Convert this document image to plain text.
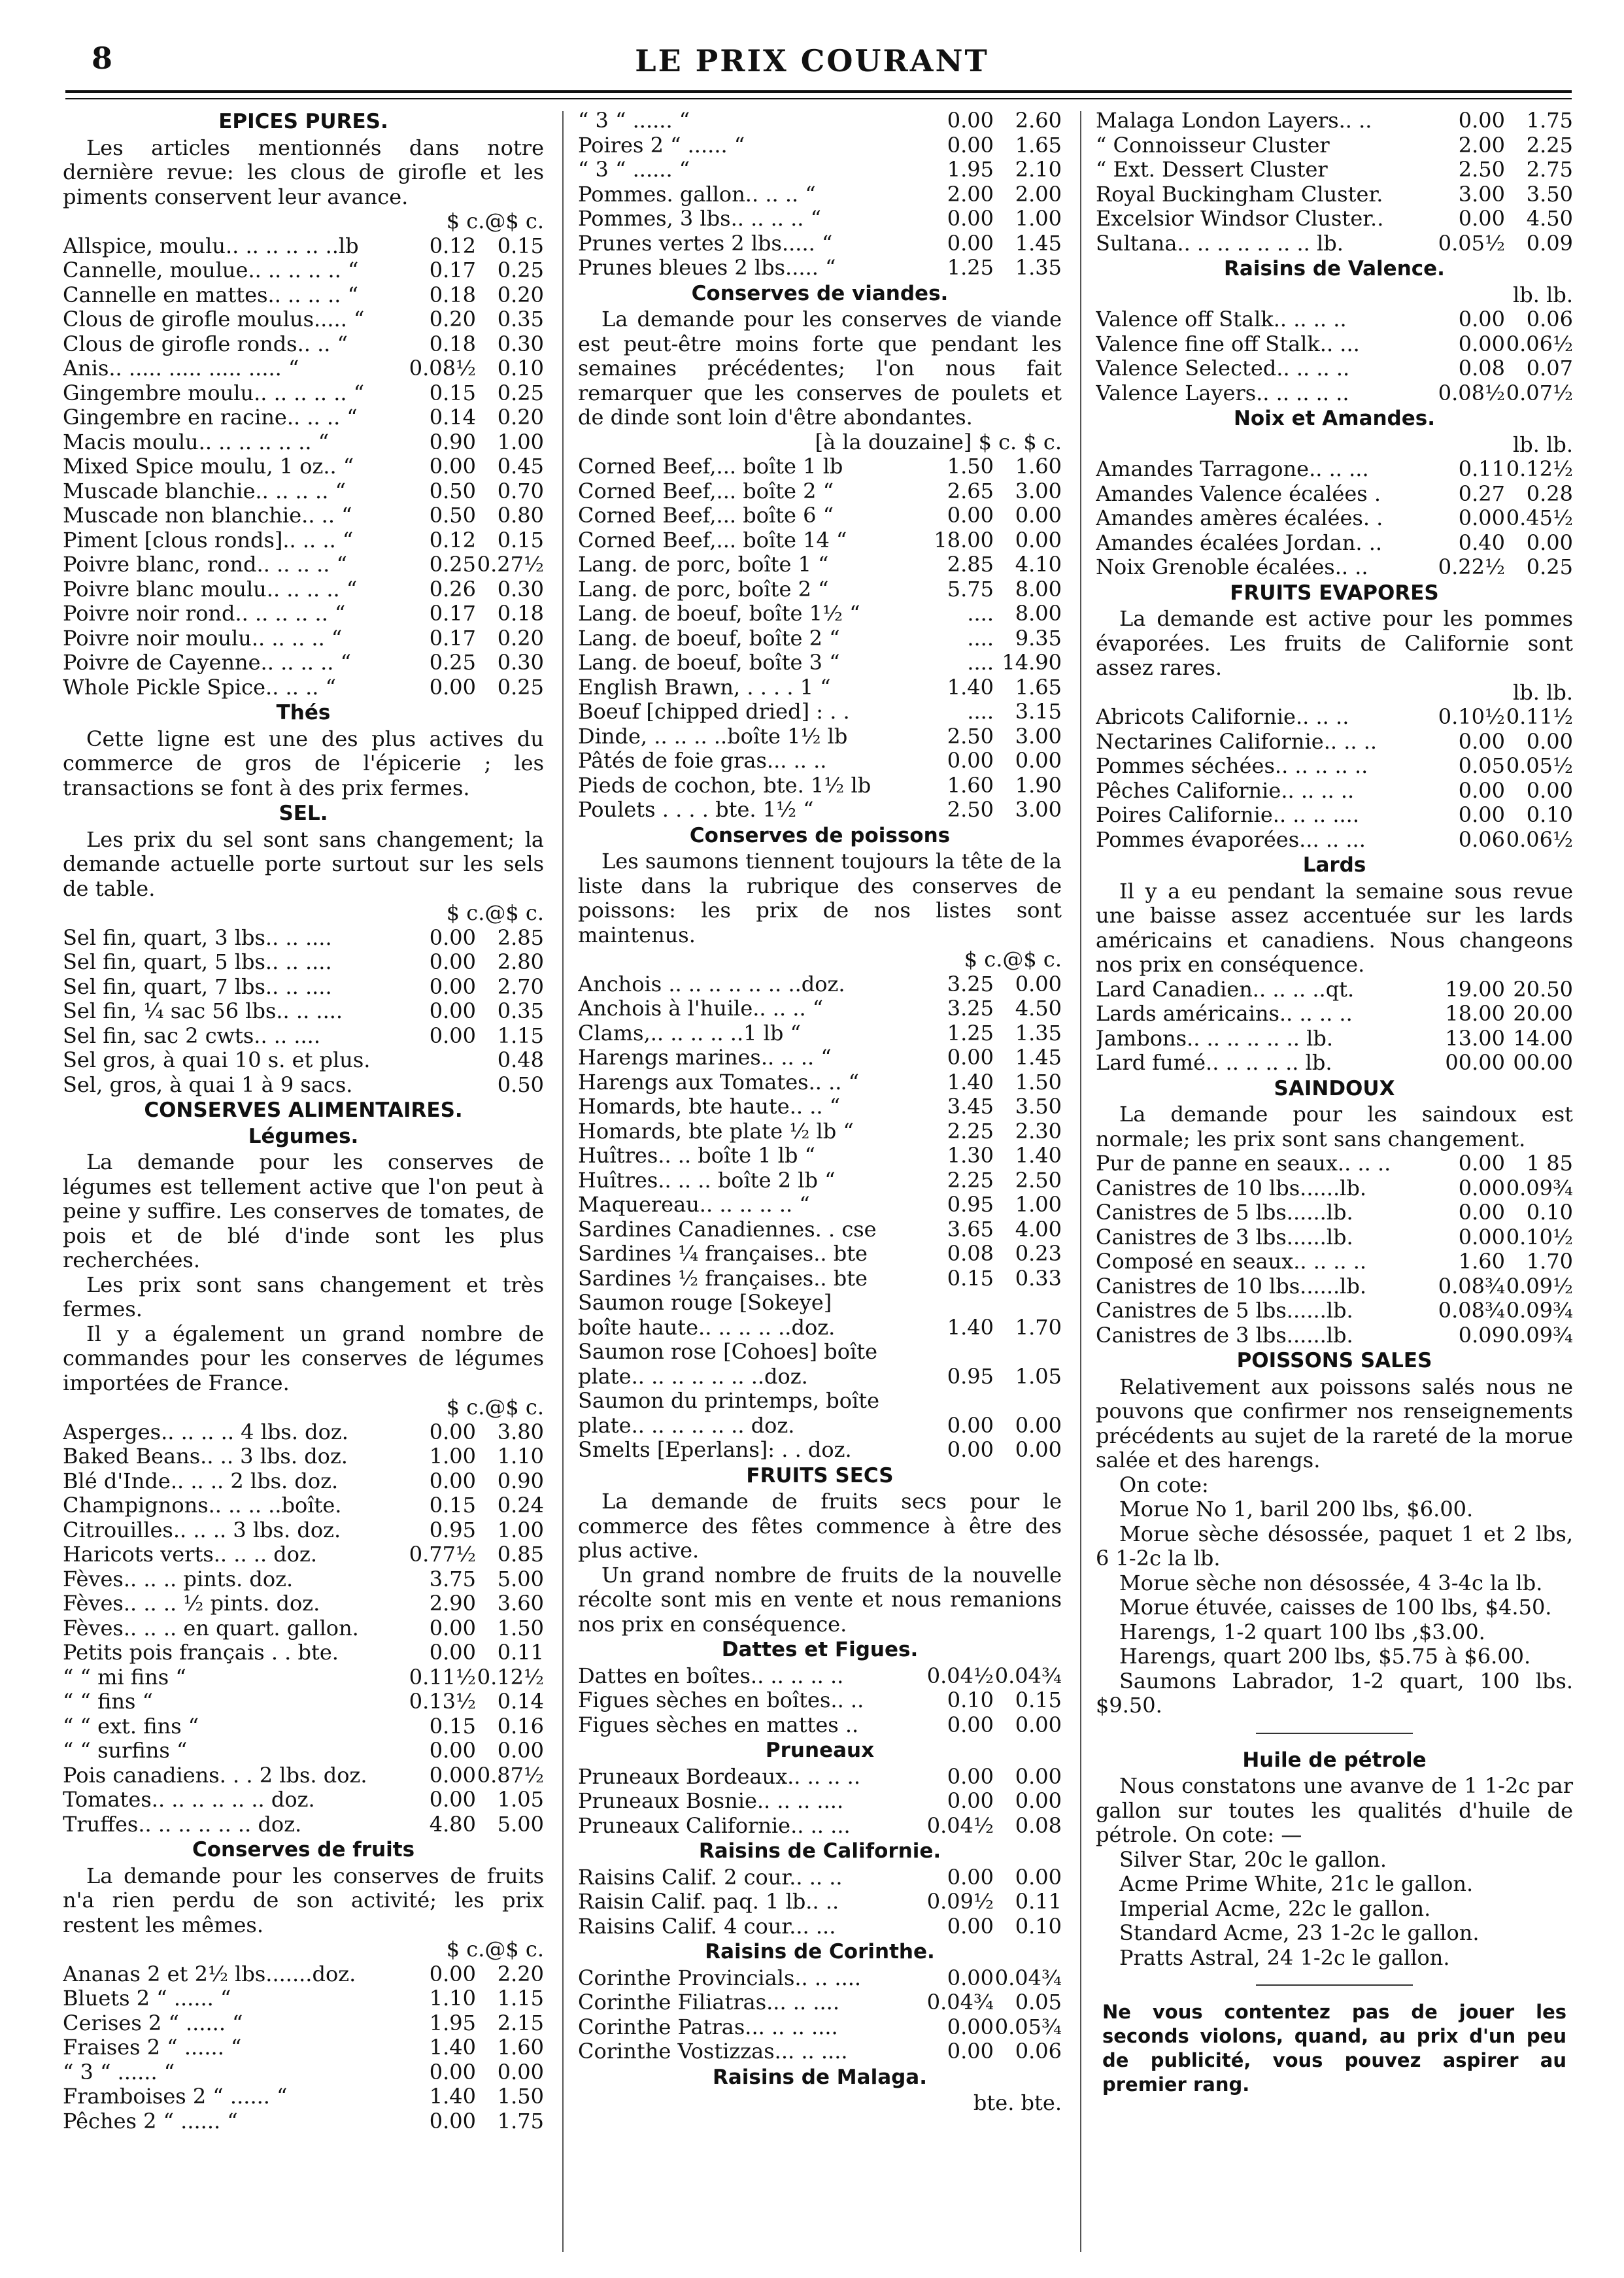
8	LE PRIX COURANT
EPICES PURES.

Les articles mentionnés dans notre dernière revue: les clous de girofle et les piments conservent leur avance.

$ c.@$ c.
Allspice, moulu.. .. .. .. .. ..lb	0.12	0.15
Cannelle, moulue.. .. .. .. .. “	0.17	0.25
Cannelle en mattes.. .. .. .. “	0.18	0.20
Clous de girofle moulus..... “	0.20	0.35
Clous de girofle ronds.. .. “	0.18	0.30
Anis.. ..... ..... ..... ..... “	0.08½	0.10
Gingembre moulu.. .. .. .. .. “	0.15	0.25
Gingembre en racine.. .. .. “	0.14	0.20
Macis moulu.. .. .. .. .. .. “	0.90	1.00
Mixed Spice moulu, 1 oz.. “	0.00	0.45
Muscade blanchie.. .. .. .. “	0.50	0.70
Muscade non blanchie.. .. “	0.50	0.80
Piment [clous ronds].. .. .. “	0.12	0.15
Poivre blanc, rond.. .. .. .. “	0.25 0.27½
Poivre blanc moulu.. .. .. .. “	0.26	0.30
Poivre noir rond.. .. .. .. .. “	0.17	0.18
Poivre noir moulu.. .. .. .. “	0.17	0.20
Poivre de Cayenne.. .. .. .. “	0.25	0.30
Whole Pickle Spice.. .. .. “	0.00	0.25
Thés

Cette ligne est une des plus actives du commerce de gros de l'épicerie ; les transactions se font à des prix fermes.

SEL.

Les prix du sel sont sans changement; la demande actuelle porte surtout sur les sels de table.

$ c.@$ c.
Sel fin, quart, 3 lbs.. .. ....	0.00	2.85
Sel fin, quart, 5 lbs.. .. ....	0.00	2.80
Sel fin, quart, 7 lbs.. .. ....	0.00	2.70
Sel fin, ¼ sac 56 lbs.. .. ....	0.00	0.35
Sel fin, sac 2 cwts.. .. ....	0.00	1.15
Sel gros, à quai 10 s. et plus.	0.48
Sel, gros, à quai 1 à 9 sacs.	0.50
CONSERVES ALIMENTAIRES.
Légumes.

La demande pour les conserves de légumes est tellement active que l'on peut à peine y suffire. Les conserves de tomates, de pois et de blé d'inde sont les plus recherchées.

Les prix sont sans changement et très fermes.

Il y a également un grand nombre de commandes pour les conserves de légumes importées de France.

$ c.@$ c.
Asperges.. .. .. .. 4 lbs. doz.	0.00	3.80
Baked Beans.. .. 3 lbs. doz.	1.00	1.10
Blé d'Inde.. .. .. 2 lbs. doz.	0.00	0.90
Champignons.. .. .. ..boîte.	0.15	0.24
Citrouilles.. .. .. 3 lbs. doz.	0.95	1.00
Haricots verts.. .. .. doz.	0.77½	0.85
Fèves.. .. .. pints. doz.	3.75	5.00
Fèves.. .. .. ½ pints. doz.	2.90	3.60
Fèves.. .. .. en quart. gallon.	0.00	1.50
Petits pois français . . bte.	0.00	0.11
“ “ mi fins “	0.11½ 0.12½
“ “ fins “	0.13½	0.14
“ “ ext. fins “	0.15	0.16
“ “ surfins “	0.00	0.00
Pois canadiens. . . 2 lbs. doz.	0.00 0.87½
Tomates.. .. .. .. .. .. doz.	0.00	1.05
Truffes.. .. .. .. .. .. doz.	4.80	5.00
Conserves de fruits

La demande pour les conserves de fruits n'a rien perdu de son activité; les prix restent les mêmes.

$ c.@$ c.
Ananas 2 et 2½ lbs.......doz.	0.00	2.20
Bluets 2 “ ...... “	1.10	1.15
Cerises 2 “ ...... “	1.95	2.15
Fraises 2 “ ...... “	1.40	1.60
“ 3 “ ...... “	0.00	0.00
Framboises 2 “ ...... “	1.40	1.50
Pêches 2 “ ...... “	0.00	1.75
“ 3 “ ...... “	0.00	2.60
Poires 2 “ ...... “	0.00	1.65
“ 3 “ ...... “	1.95	2.10
Pommes. gallon.. .. .. “	2.00	2.00
Pommes, 3 lbs.. .. .. .. “	0.00	1.00
Prunes vertes 2 lbs..... “	0.00	1.45
Prunes bleues 2 lbs..... “	1.25	1.35
Conserves de viandes.

La demande pour les conserves de viande est peut-être moins forte que pendant les semaines précédentes; l'on nous fait remarquer que les conserves de poulets et de dinde sont loin d'être abondantes.

[à la douzaine] $ c. $ c.
Corned Beef,... boîte 1 lb	1.50	1.60
Corned Beef,... boîte 2 “	2.65	3.00
Corned Beef,... boîte 6 “	0.00	0.00
Corned Beef,... boîte 14 “	18.00	0.00
Lang. de porc, boîte 1 “	2.85	4.10
Lang. de porc, boîte 2 “	5.75	8.00
Lang. de boeuf, boîte 1½ “	....	8.00
Lang. de boeuf, boîte 2 “	....	9.35
Lang. de boeuf, boîte 3 “	.... 14.90
English Brawn, . . . . 1 “	1.40	1.65
Boeuf [chipped dried] : . .	....	3.15
Dinde, .. .. .. ..boîte 1½ lb	2.50	3.00
Pâtés de foie gras... .. ..	0.00	0.00
Pieds de cochon, bte. 1½ lb	1.60	1.90
Poulets . . . . bte. 1½ “	2.50	3.00
Conserves de poissons

Les saumons tiennent toujours la tête de la liste dans la rubrique des conserves de poissons: les prix de nos listes sont maintenus.

$ c.@$ c.
Anchois .. .. .. .. .. .. ..doz.	3.25	0.00
Anchois à l'huile.. .. .. “	3.25	4.50
Clams,.. .. .. .. ..1 lb “	1.25	1.35
Harengs marines.. .. .. “	0.00	1.45
Harengs aux Tomates.. .. “	1.40	1.50
Homards, bte haute.. .. “	3.45	3.50
Homards, bte plate ½ lb “	2.25	2.30
Huîtres.. .. boîte 1 lb “	1.30	1.40
Huîtres.. .. .. boîte 2 lb “	2.25	2.50
Maquereau.. .. .. .. .. “	0.95	1.00
Sardines Canadiennes. . cse	3.65	4.00
Sardines ¼ françaises.. bte	0.08	0.23
Sardines ½ françaises.. bte	0.15	0.33
Saumon rouge [Sokeye]
boîte haute.. .. .. .. ..doz.	1.40	1.70
Saumon rose [Cohoes] boîte
plate.. .. .. .. .. .. ..doz.	0.95	1.05
Saumon du printemps, boîte
plate.. .. .. .. .. .. doz.	0.00	0.00
Smelts [Eperlans]: . . doz.	0.00	0.00
FRUITS SECS

La demande de fruits secs pour le commerce des fêtes commence à être des plus active.

Un grand nombre de fruits de la nouvelle récolte sont mis en vente et nous remanions nos prix en conséquence.

Dattes et Figues.
Dattes en boîtes.. .. .. .. ..	0.04½ 0.04¾
Figues sèches en boîtes.. ..	0.10	0.15
Figues sèches en mattes ..	0.00	0.00
Pruneaux
Pruneaux Bordeaux.. .. .. ..	0.00	0.00
Pruneaux Bosnie.. .. .. ....	0.00	0.00
Pruneaux Californie.. .. ...	0.04½	0.08
Raisins de Californie.
Raisins Calif. 2 cour.. .. ..	0.00	0.00
Raisin Calif. paq. 1 lb.. ..	0.09½	0.11
Raisins Calif. 4 cour... ...	0.00	0.10
Raisins de Corinthe.
Corinthe Provincials.. .. ....	0.00 0.04¾
Corinthe Filiatras... .. ....	0.04¾	0.05
Corinthe Patras... .. .. ....	0.00 0.05¾
Corinthe Vostizzas... .. ....	0.00	0.06
Raisins de Malaga.
bte. bte.
Malaga London Layers.. ..	0.00	1.75
“ Connoisseur Cluster	2.00	2.25
“ Ext. Dessert Cluster	2.50	2.75
Royal Buckingham Cluster.	3.00	3.50
Excelsior Windsor Cluster..	0.00	4.50
Sultana.. .. .. .. .. .. .. lb.	0.05½	0.09
Raisins de Valence.
lb. lb.
Valence off Stalk.. .. .. ..	0.00	0.06
Valence fine off Stalk.. ...	0.00 0.06½
Valence Selected.. .. .. ..	0.08	0.07
Valence Layers.. .. .. .. ..	0.08½ 0.07½
Noix et Amandes.
lb. lb.
Amandes Tarragone.. .. ...	0.11 0.12½
Amandes Valence écalées .	0.27	0.28
Amandes amères écalées. .	0.00 0.45½
Amandes écalées Jordan. ..	0.40	0.00
Noix Grenoble écalées.. ..	0.22½	0.25
FRUITS EVAPORES

La demande est active pour les pommes évaporées. Les fruits de Californie sont assez rares.

lb. lb.
Abricots Californie.. .. ..	0.10½ 0.11½
Nectarines Californie.. .. ..	0.00	0.00
Pommes séchées.. .. .. .. ..	0.05 0.05½
Pêches Californie.. .. .. ..	0.00	0.00
Poires Californie.. .. .. ....	0.00	0.10
Pommes évaporées... .. ...	0.06 0.06½
Lards

Il y a eu pendant la semaine sous revue une baisse assez accentuée sur les lards américains et canadiens. Nous changeons nos prix en conséquence.

Lard Canadien.. .. .. ..qt.	19.00 20.50
Lards américains.. .. .. ..	18.00 20.00
Jambons.. .. .. .. .. .. lb.	13.00 14.00
Lard fumé.. .. .. .. .. lb.	00.00 00.00
SAINDOUX

La demande pour les saindoux est normale; les prix sont sans changement.

Pur de panne en seaux.. .. ..	0.00	1 85
Canistres de 10 lbs......lb.	0.00 0.09¾
Canistres de 5 lbs......lb.	0.00	0.10
Canistres de 3 lbs......lb.	0.00 0.10½
Composé en seaux.. .. .. ..	1.60	1.70
Canistres de 10 lbs......lb.	0.08¾ 0.09½
Canistres de 5 lbs......lb.	0.08¾ 0.09¾
Canistres de 3 lbs......lb.	0.09 0.09¾
POISSONS SALES

Relativement aux poissons salés nous ne pouvons que confirmer nos renseignements précédents au sujet de la rareté de la morue salée et des harengs.

On cote:
Morue No 1, baril 200 lbs, $6.00.
Morue sèche désossée, paquet 1 et 2 lbs, 6 1-2c la lb.
Morue sèche non désossée, 4 3-4c la lb.
Morue étuvée, caisses de 100 lbs, $4.50.
Harengs, 1-2 quart 100 lbs ,$3.00.
Harengs, quart 200 lbs, $5.75 à $6.00.
Saumons Labrador, 1-2 quart, 100 lbs. $9.50.
Huile de pétrole

Nous constatons une avanve de 1 1-2c par gallon sur toutes les qualités d'huile de pétrole. On cote: —

Silver Star, 20c le gallon.
Acme Prime White, 21c le gallon.
Imperial Acme, 22c le gallon.
Standard Acme, 23 1-2c le gallon.
Pratts Astral, 24 1-2c le gallon.
Ne vous contentez pas de jouer les seconds violons, quand, au prix d'un peu de publicité, vous pouvez aspirer au premier rang.
